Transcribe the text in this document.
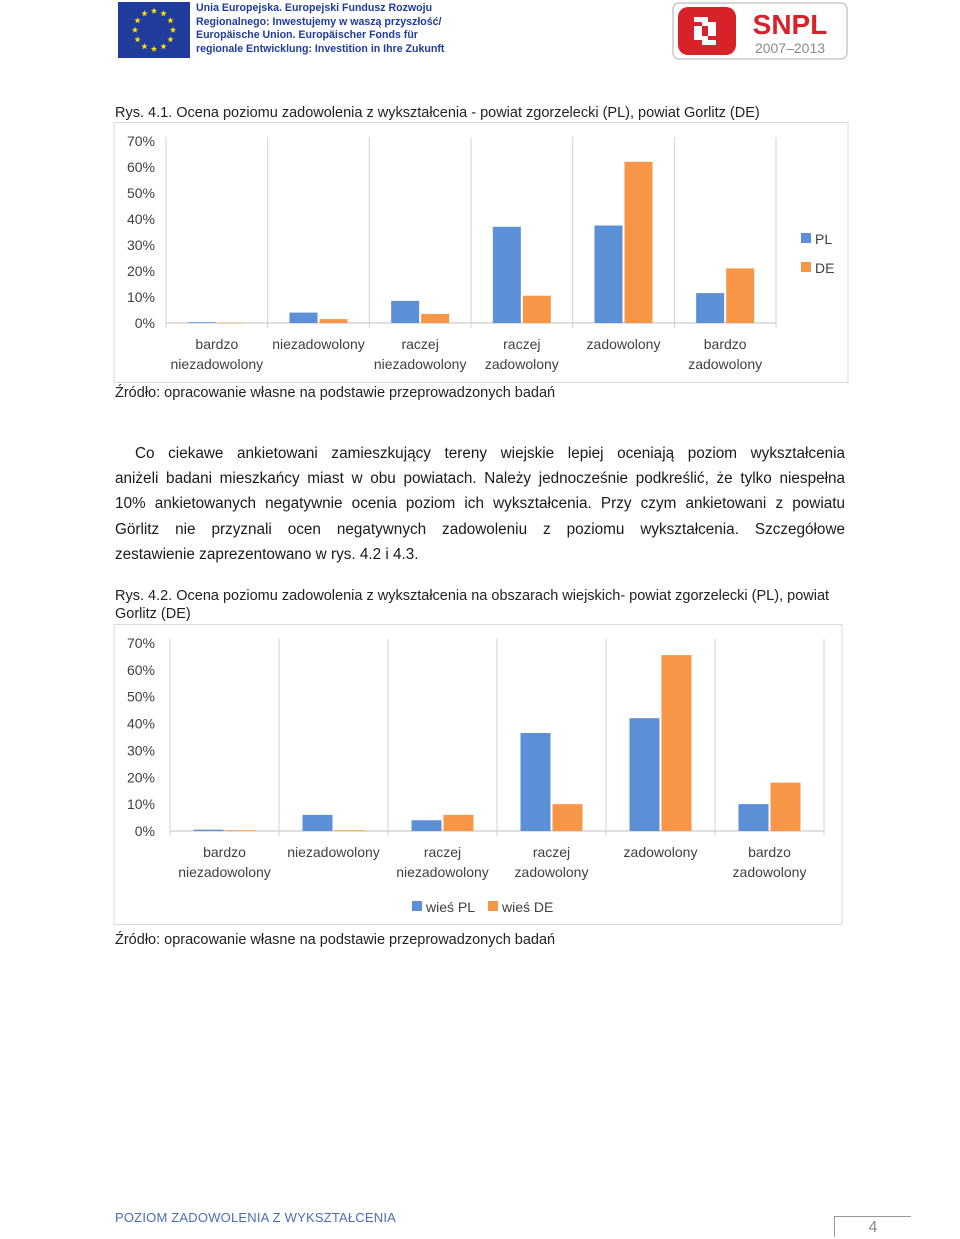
Unia Europejska. Europejski Fundusz Rozwoju
Regionalnego: Inwestujemy w waszą przyszłość/
Europäische Union. Europäischer Fonds für
regionale Entwicklung: Investition in Ihre Zukunft
SNPL
2007–2013
Rys. 4.1. Ocena poziomu zadowolenia z wykształcenia - powiat zgorzelecki (PL), powiat Gorlitz (DE)
70%
60%
50%
40%
30%
20%
10%
0%
bardzo
niezadowolony
niezadowolony	raczej
niezadowolony
raczej
zadowolony
zadowolony	bardzo
zadowolony
PL
DE
Źródło: opracowanie własne na podstawie przeprowadzonych badań
Co ciekawe ankietowani zamieszkujący tereny wiejskie lepiej oceniają poziom wykształcenia
aniżeli badani mieszkańcy miast w obu powiatach. Należy jednocześnie podkreślić, że tylko niespełna
10% ankietowanych negatywnie ocenia poziom ich wykształcenia. Przy czym ankietowani z powiatu
Görlitz nie przyznali ocen negatywnych zadowoleniu z poziomu wykształcenia. Szczegółowe
zestawienie zaprezentowano w rys. 4.2 i 4.3.
Rys. 4.2. Ocena poziomu zadowolenia z wykształcenia na obszarach wiejskich- powiat zgorzelecki (PL), powiat
Gorlitz (DE)
70%
60%
50%
40%
30%
20%
10%
0%
bardzo
niezadowolony
niezadowolony	raczej
niezadowolony
raczej
zadowolony
zadowolony	bardzo
zadowolony
wieś PL wieś DE
Źródło: opracowanie własne na podstawie przeprowadzonych badań
POZIOM ZADOWOLENIA Z WYKSZTAŁCENIA
4
